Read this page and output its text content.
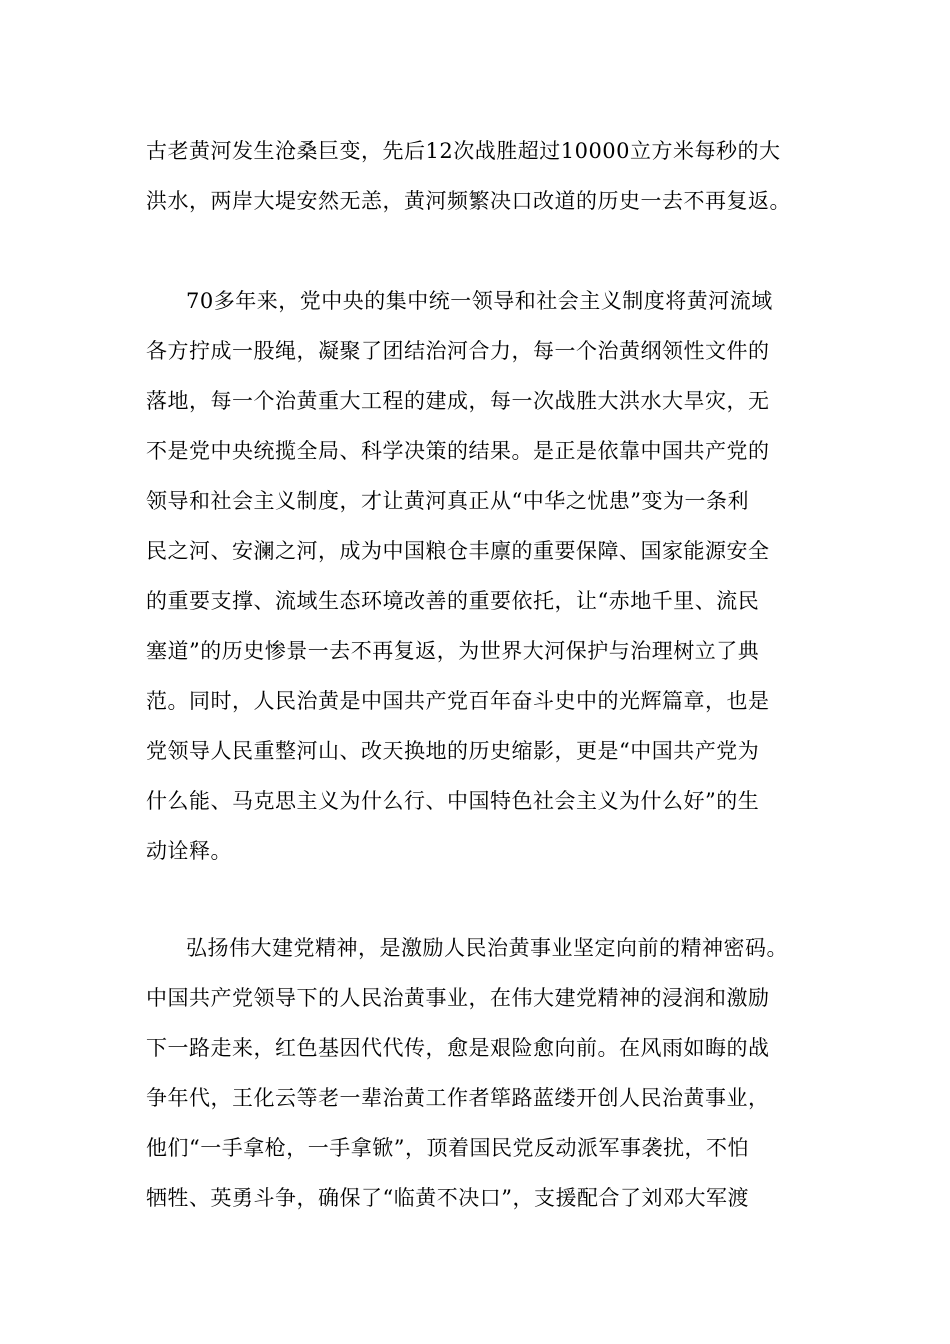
古老黄河发生沧桑巨变，先后12次战胜超过10000立方米每秒的大
洪水，两岸大堤安然无恙，黄河频繁决口改道的历史一去不再复返。
70多年来，党中央的集中统一领导和社会主义制度将黄河流域
各方拧成一股绳，凝聚了团结治河合力，每一个治黄纲领性文件的
落地，每一个治黄重大工程的建成，每一次战胜大洪水大旱灾，无
不是党中央统揽全局、科学决策的结果。是正是依靠中国共产党的
领导和社会主义制度，才让黄河真正从“中华之忧患”变为一条利
民之河、安澜之河，成为中国粮仓丰廪的重要保障、国家能源安全
的重要支撑、流域生态环境改善的重要依托，让“赤地千里、流民
塞道”的历史惨景一去不再复返，为世界大河保护与治理树立了典
范。同时，人民治黄是中国共产党百年奋斗史中的光辉篇章，也是
党领导人民重整河山、改天换地的历史缩影，更是“中国共产党为
什么能、马克思主义为什么行、中国特色社会主义为什么好”的生
动诠释。
弘扬伟大建党精神，是激励人民治黄事业坚定向前的精神密码。
中国共产党领导下的人民治黄事业，在伟大建党精神的浸润和激励
下一路走来，红色基因代代传，愈是艰险愈向前。在风雨如晦的战
争年代，王化云等老一辈治黄工作者筚路蓝缕开创人民治黄事业，
他们“一手拿枪，一手拿锨”，顶着国民党反动派军事袭扰，不怕
牺牲、英勇斗争，确保了“临黄不决口”，支援配合了刘邓大军渡
